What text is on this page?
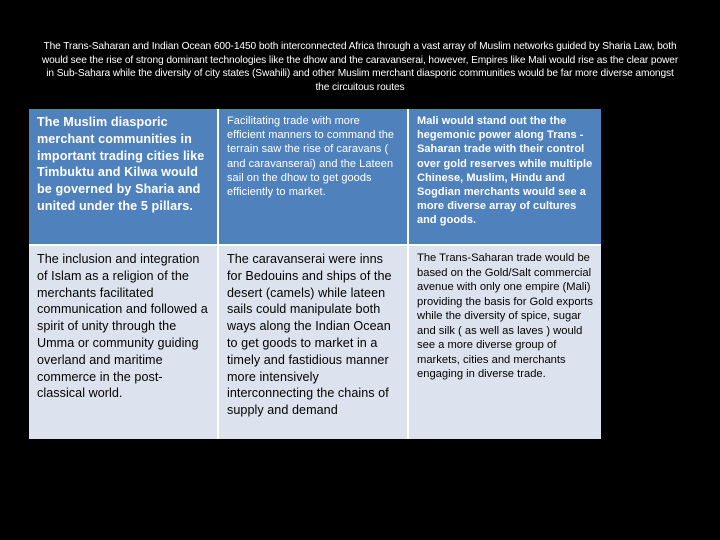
The Trans-Saharan and Indian Ocean 600-1450 both interconnected Africa through a vast array of Muslim networks guided by Sharia Law, both would see the rise of strong dominant technologies like the dhow and the caravanserai, however, Empires like Mali would rise as the clear power in Sub-Sahara while the diversity of city states (Swahili) and other Muslim merchant diasporic communities would be far more diverse amongst the circuitous routes
The Muslim diasporic merchant communities in important trading cities like Timbuktu and Kilwa would be governed by Sharia and united under the 5 pillars.
Facilitating trade with more efficient manners to command the terrain saw the rise of caravans ( and caravanserai) and the Lateen sail on the dhow to get goods efficiently to market.
Mali would stand out the the hegemonic power along Trans -Saharan trade with their control over gold reserves while multiple Chinese, Muslim, Hindu and Sogdian merchants would see a more diverse array of cultures and goods.
The inclusion and integration of Islam as a religion of the merchants facilitated communication and followed a spirit of unity through the Umma or community guiding overland and maritime commerce in the post-classical world.
The caravanserai were inns for Bedouins and ships of the desert (camels) while lateen sails could manipulate both ways along the Indian Ocean to get goods to market in a timely and fastidious manner more intensively interconnecting the chains of supply and demand
The Trans-Saharan trade would be based on the Gold/Salt commercial avenue with only one empire (Mali) providing the basis for Gold exports while the diversity of spice, sugar and silk ( as well as laves ) would see a more diverse group of markets, cities and merchants engaging in diverse trade.
